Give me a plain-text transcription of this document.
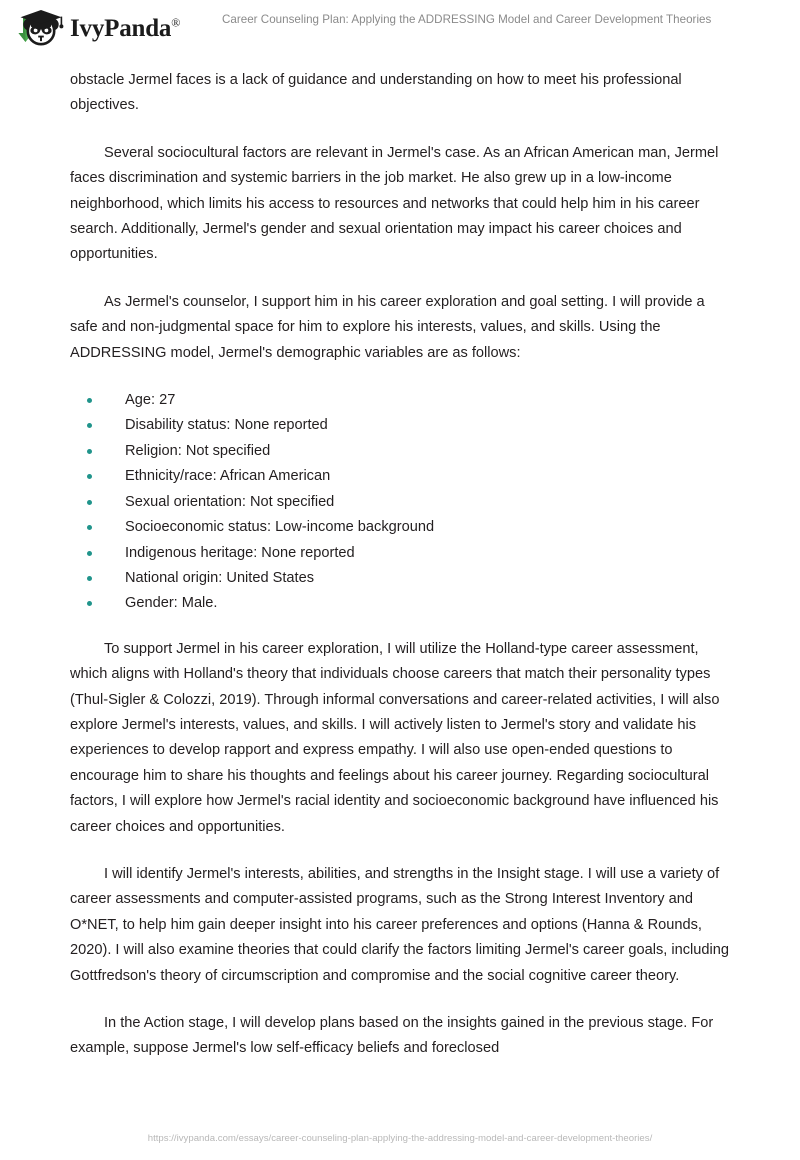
IvyPanda®	Career Counseling Plan: Applying the ADDRESSING Model and Career Development Theories

obstacle Jermel faces is a lack of guidance and understanding on how to meet his professional objectives.

Several sociocultural factors are relevant in Jermel's case. As an African American man, Jermel faces discrimination and systemic barriers in the job market. He also grew up in a low-income neighborhood, which limits his access to resources and networks that could help him in his career search. Additionally, Jermel's gender and sexual orientation may impact his career choices and opportunities.

As Jermel's counselor, I support him in his career exploration and goal setting. I will provide a safe and non-judgmental space for him to explore his interests, values, and skills. Using the ADDRESSING model, Jermel's demographic variables are as follows:

Age: 27
Disability status: None reported
Religion: Not specified
Ethnicity/race: African American
Sexual orientation: Not specified
Socioeconomic status: Low-income background
Indigenous heritage: None reported
National origin: United States
Gender: Male.

To support Jermel in his career exploration, I will utilize the Holland-type career assessment, which aligns with Holland's theory that individuals choose careers that match their personality types (Thul-Sigler & Colozzi, 2019). Through informal conversations and career-related activities, I will also explore Jermel's interests, values, and skills. I will actively listen to Jermel's story and validate his experiences to develop rapport and express empathy. I will also use open-ended questions to encourage him to share his thoughts and feelings about his career journey. Regarding sociocultural factors, I will explore how Jermel's racial identity and socioeconomic background have influenced his career choices and opportunities.

I will identify Jermel's interests, abilities, and strengths in the Insight stage. I will use a variety of career assessments and computer-assisted programs, such as the Strong Interest Inventory and O*NET, to help him gain deeper insight into his career preferences and options (Hanna & Rounds, 2020). I will also examine theories that could clarify the factors limiting Jermel's career goals, including Gottfredson's theory of circumscription and compromise and the social cognitive career theory.

In the Action stage, I will develop plans based on the insights gained in the previous stage. For example, suppose Jermel's low self-efficacy beliefs and foreclosed

https://ivypanda.com/essays/career-counseling-plan-applying-the-addressing-model-and-career-development-theories/
